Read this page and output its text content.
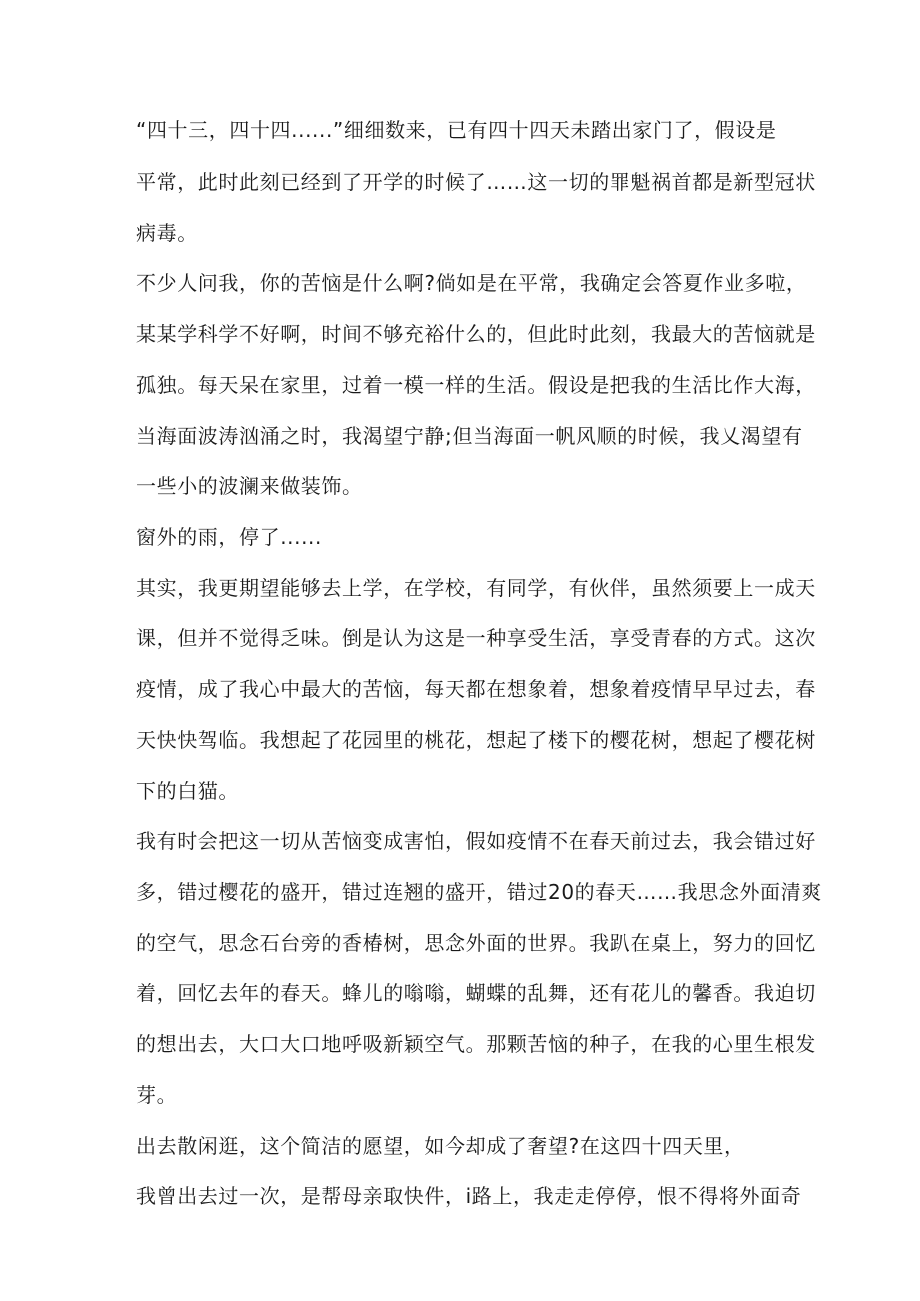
“四十三，四十四......”细细数来，已有四十四天未踏出家门了，假设是
平常，此时此刻已经到了开学的时候了……这一切的罪魁祸首都是新型冠状
病毒。
不少人问我，你的苦恼是什么啊?倘如是在平常，我确定会答夏作业多啦，
某某学科学不好啊，时间不够充裕什么的，但此时此刻，我最大的苦恼就是
孤独。每天呆在家里，过着一模一样的生活。假设是把我的生活比作大海，
当海面波涛汹涌之时，我渴望宁静;但当海面一帆风顺的时候，我乂渴望有
一些小的波澜来做装饰。
窗外的雨，停了......
其实，我更期望能够去上学，在学校，有同学，有伙伴，虽然须要上一成天
课，但并不觉得乏味。倒是认为这是一种享受生活，享受青春的方式。这次
疫情，成了我心中最大的苦恼，每天都在想象着，想象着疫情早早过去，春
天快快驾临。我想起了花园里的桃花，想起了楼下的樱花树，想起了樱花树
下的白猫。
我有时会把这一切从苦恼变成害怕，假如疫情不在春天前过去，我会错过好
多，错过樱花的盛开，错过连翘的盛开，错过20的春天……我思念外面清爽
的空气，思念石台旁的香椿树，思念外面的世界。我趴在桌上，努力的回忆
着，回忆去年的春天。蜂儿的嗡嗡，蝴蝶的乱舞，还有花儿的馨香。我迫切
的想出去，大口大口地呼吸新颖空气。那颗苦恼的种子，在我的心里生根发
芽。
出去散闲逛，这个简洁的愿望，如今却成了奢望?在这四十四天里，
我曾出去过一次，是帮母亲取快件，i路上，我走走停停，恨不得将外面奇
